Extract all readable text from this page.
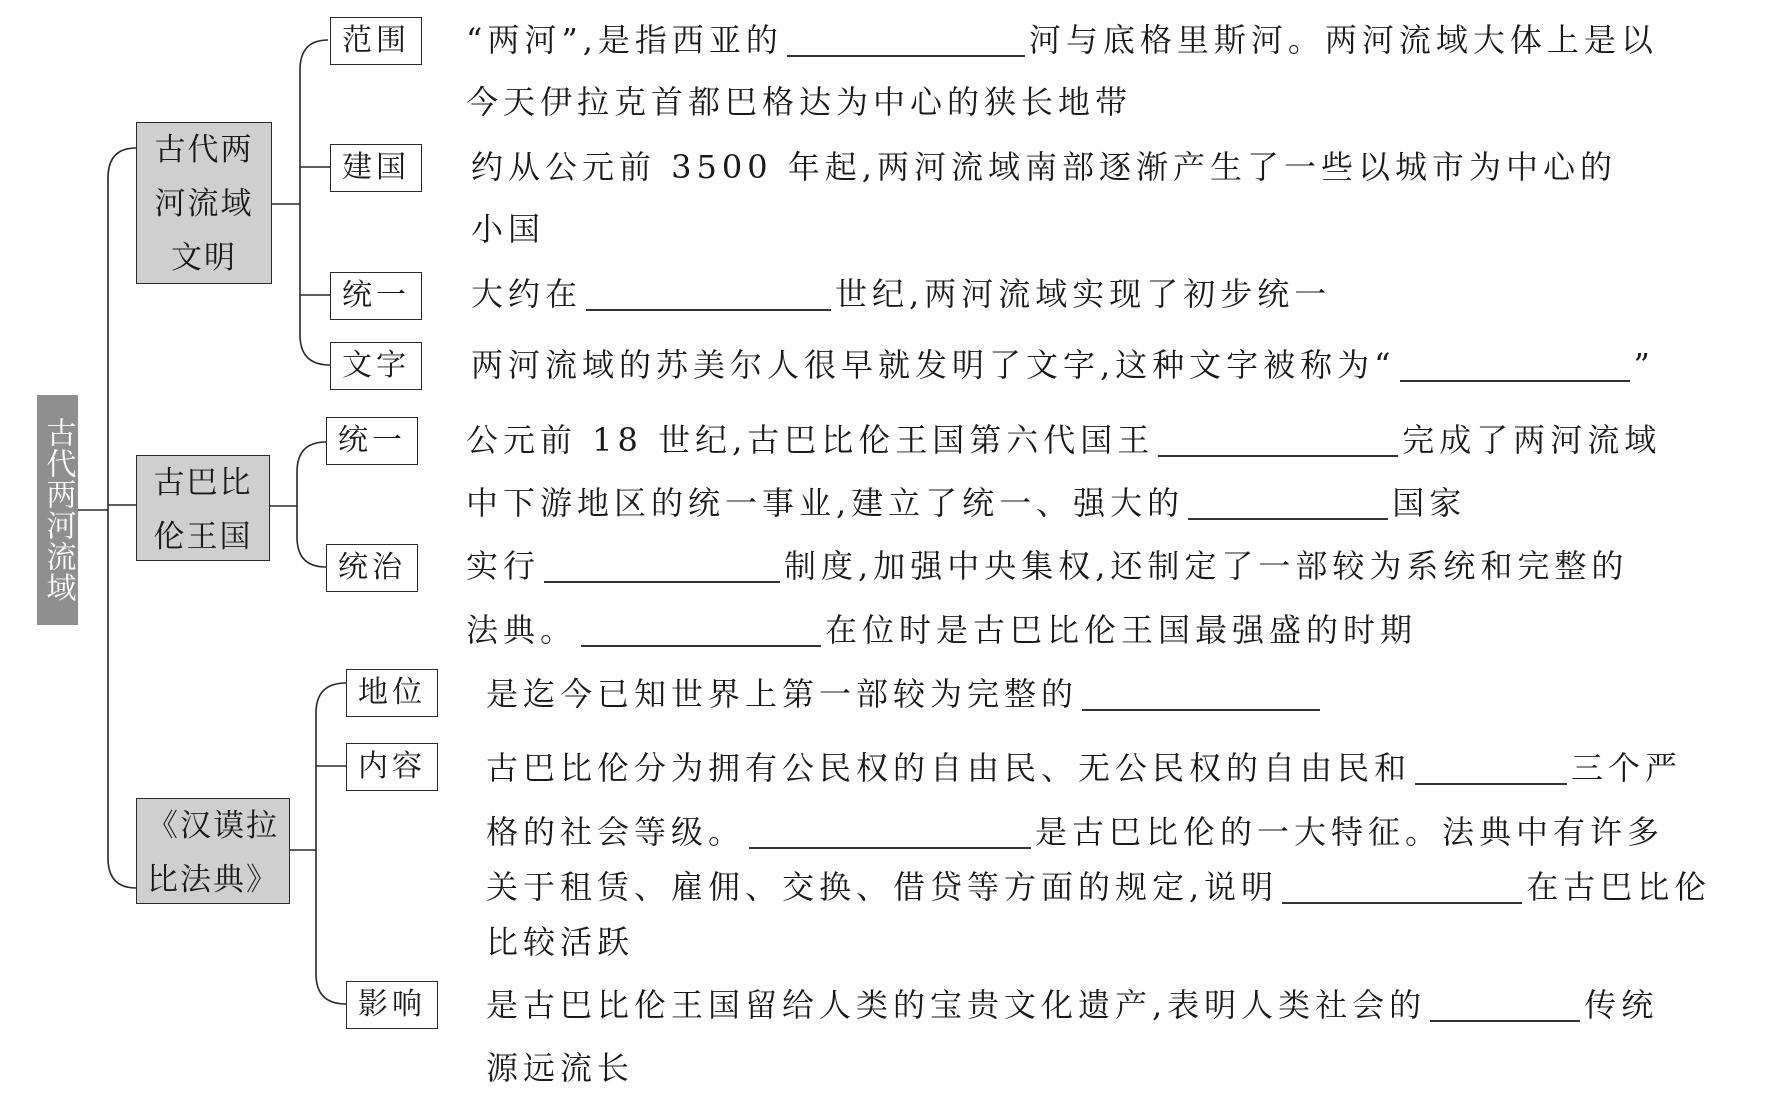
古代两河流域
古代两
河流域
文明
范围
建国
统一
文字
“两河”,是指西亚的	河与底格里斯河。两河流域大体上是以
今天伊拉克首都巴格达为中心的狭长地带
约从公元前 3500 年起,两河流域南部逐渐产生了一些以城市为中心的
小国
大约在	世纪,两河流域实现了初步统一
两河流域的苏美尔人很早就发明了文字,这种文字被称为“	”
古巴比
伦王国
统一
统治
公元前 18 世纪,古巴比伦王国第六代国王	完成了两河流域
中下游地区的统一事业,建立了统一、强大的	国家
实行	制度,加强中央集权,还制定了一部较为系统和完整的
法典。	在位时是古巴比伦王国最强盛的时期
《汉谟拉
比法典》
地位
内容
影响
是迄今已知世界上第一部较为完整的
古巴比伦分为拥有公民权的自由民、无公民权的自由民和	三个严
格的社会等级。	是古巴比伦的一大特征。法典中有许多
关于租赁、雇佣、交换、借贷等方面的规定,说明	在古巴比伦
比较活跃
是古巴比伦王国留给人类的宝贵文化遗产,表明人类社会的	传统
源远流长
